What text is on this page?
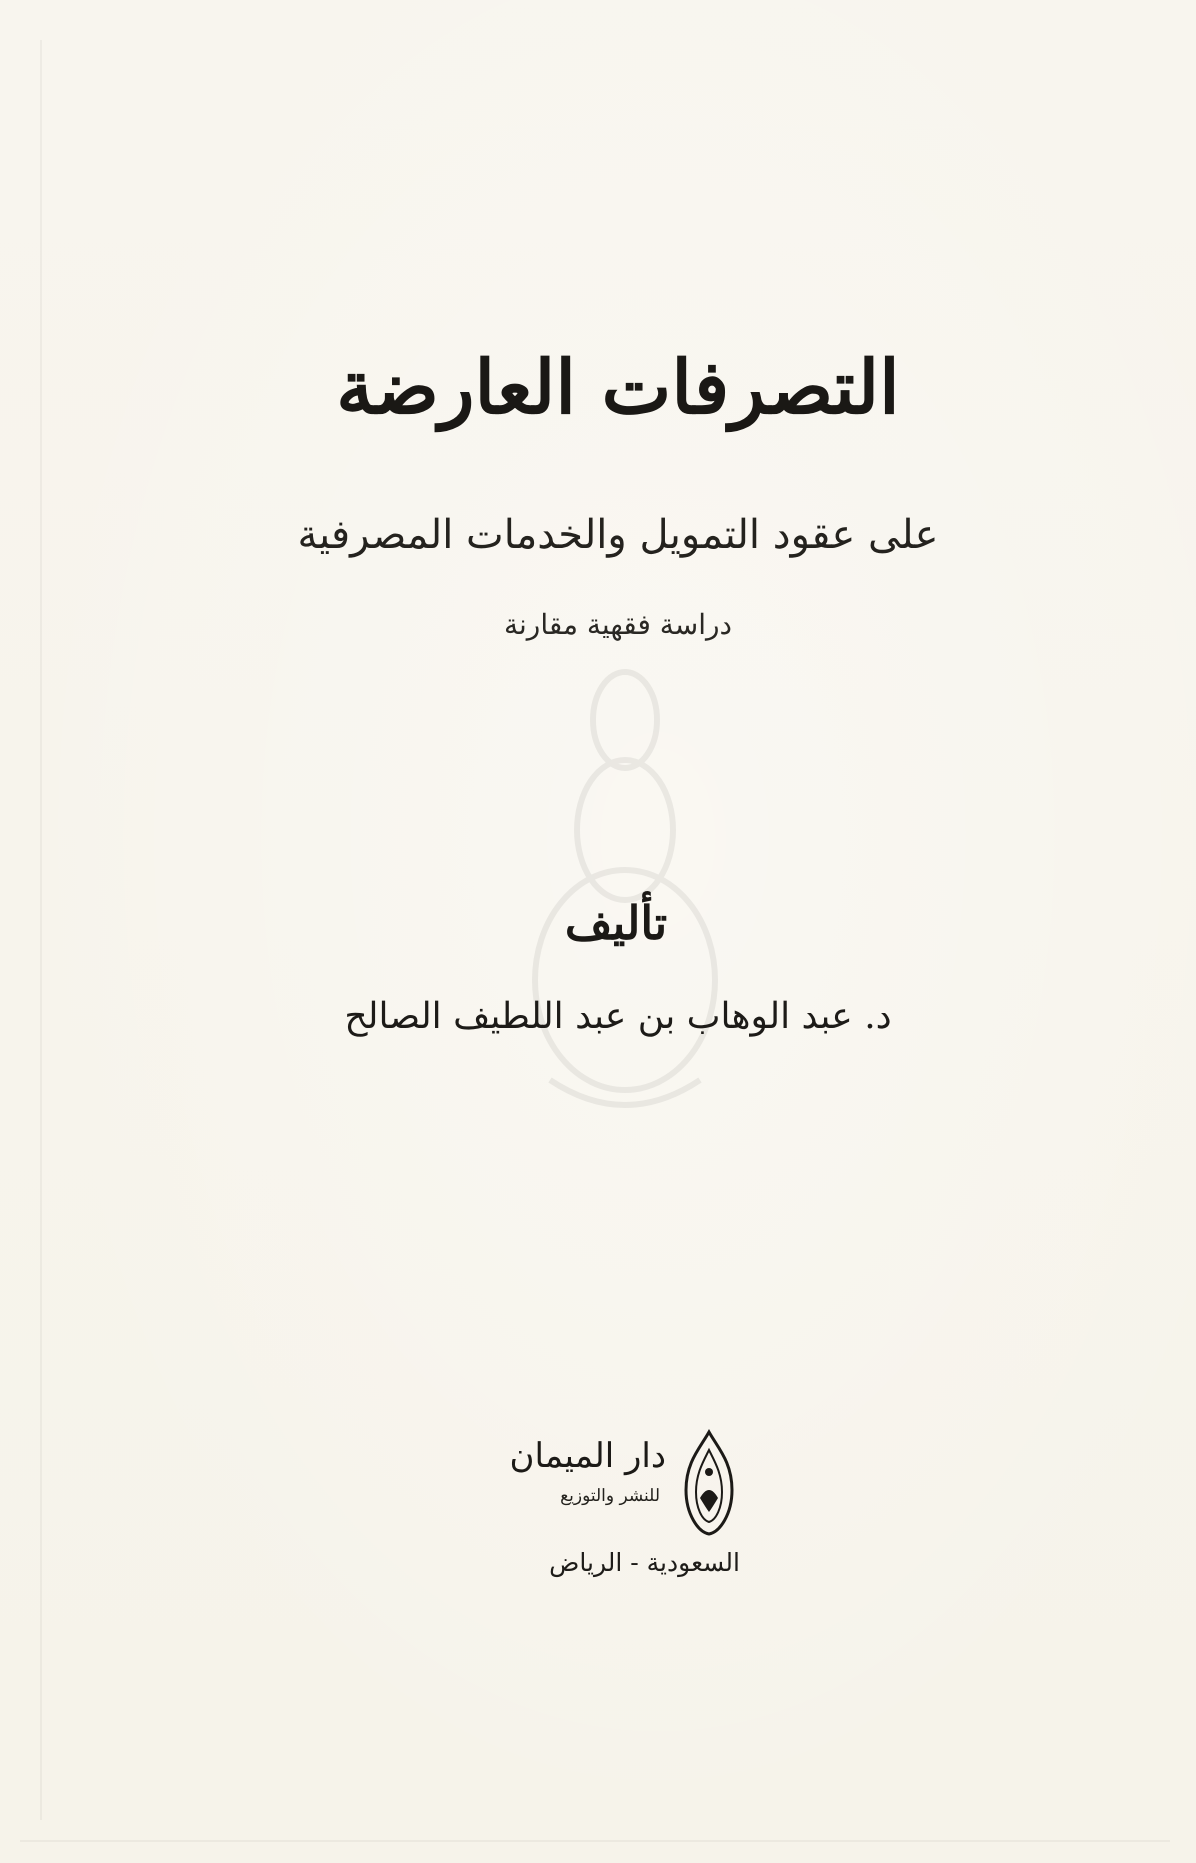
التصرفات العارضة
على عقود التمويل والخدمات المصرفية
دراسة فقهية مقارنة
تأليف
د. عبد الوهاب بن عبد اللطيف الصالح
دار الميمان
للنشر والتوزيع
السعودية - الرياض
